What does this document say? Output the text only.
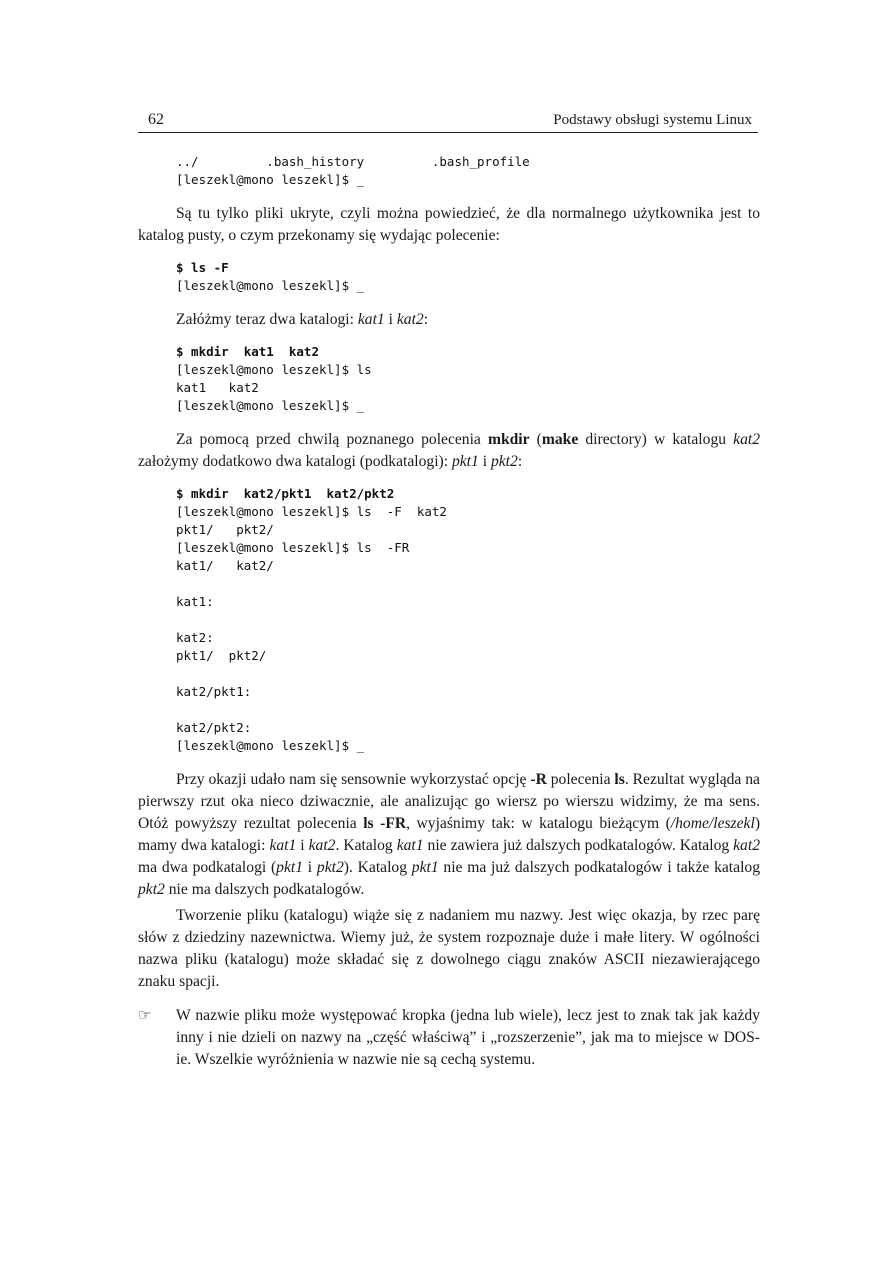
62	Podstawy obsługi systemu Linux
../         .bash_history         .bash_profile
[leszekl@mono leszekl]$ _

Są tu tylko pliki ukryte, czyli można powiedzieć, że dla normalnego użytkownika jest to katalog pusty, o czym przekonamy się wydając polecenie:

$ ls -F
[leszekl@mono leszekl]$ _

Załóżmy teraz dwa katalogi: kat1 i kat2:

$ mkdir  kat1  kat2
[leszekl@mono leszekl]$ ls
kat1   kat2
[leszekl@mono leszekl]$ _

Za pomocą przed chwilą poznanego polecenia mkdir (make directory) w katalogu kat2 założymy dodatkowo dwa katalogi (podkatalogi): pkt1 i pkt2:

$ mkdir  kat2/pkt1  kat2/pkt2
[leszekl@mono leszekl]$ ls  -F  kat2
pkt1/   pkt2/
[leszekl@mono leszekl]$ ls  -FR
kat1/   kat2/
kat1:
kat2:
pkt1/  pkt2/
kat2/pkt1:
kat2/pkt2:
[leszekl@mono leszekl]$ _

Przy okazji udało nam się sensownie wykorzystać opcję -R polecenia ls. Rezultat wygląda na pierwszy rzut oka nieco dziwacznie, ale analizując go wiersz po wierszu widzimy, że ma sens. Otóż powyższy rezultat polecenia ls -FR, wyjaśnimy tak: w katalogu bieżącym (/home/leszekl) mamy dwa katalogi: kat1 i kat2. Katalog kat1 nie zawiera już dalszych podkatalogów. Katalog kat2 ma dwa podkatalogi (pkt1 i pkt2). Katalog pkt1 nie ma już dalszych podkatalogów i także katalog pkt2 nie ma dalszych podkatalogów.

Tworzenie pliku (katalogu) wiąże się z nadaniem mu nazwy. Jest więc okazja, by rzec parę słów z dziedziny nazewnictwa. Wiemy już, że system rozpoznaje duże i małe litery. W ogólności nazwa pliku (katalogu) może składać się z dowolnego ciągu znaków ASCII niezawierającego znaku spacji.

☞ W nazwie pliku może występować kropka (jedna lub wiele), lecz jest to znak tak jak każdy inny i nie dzieli on nazwy na „część właściwą” i „rozszerzenie”, jak ma to miejsce w DOS-ie. Wszelkie wyróżnienia w nazwie nie są cechą systemu.
